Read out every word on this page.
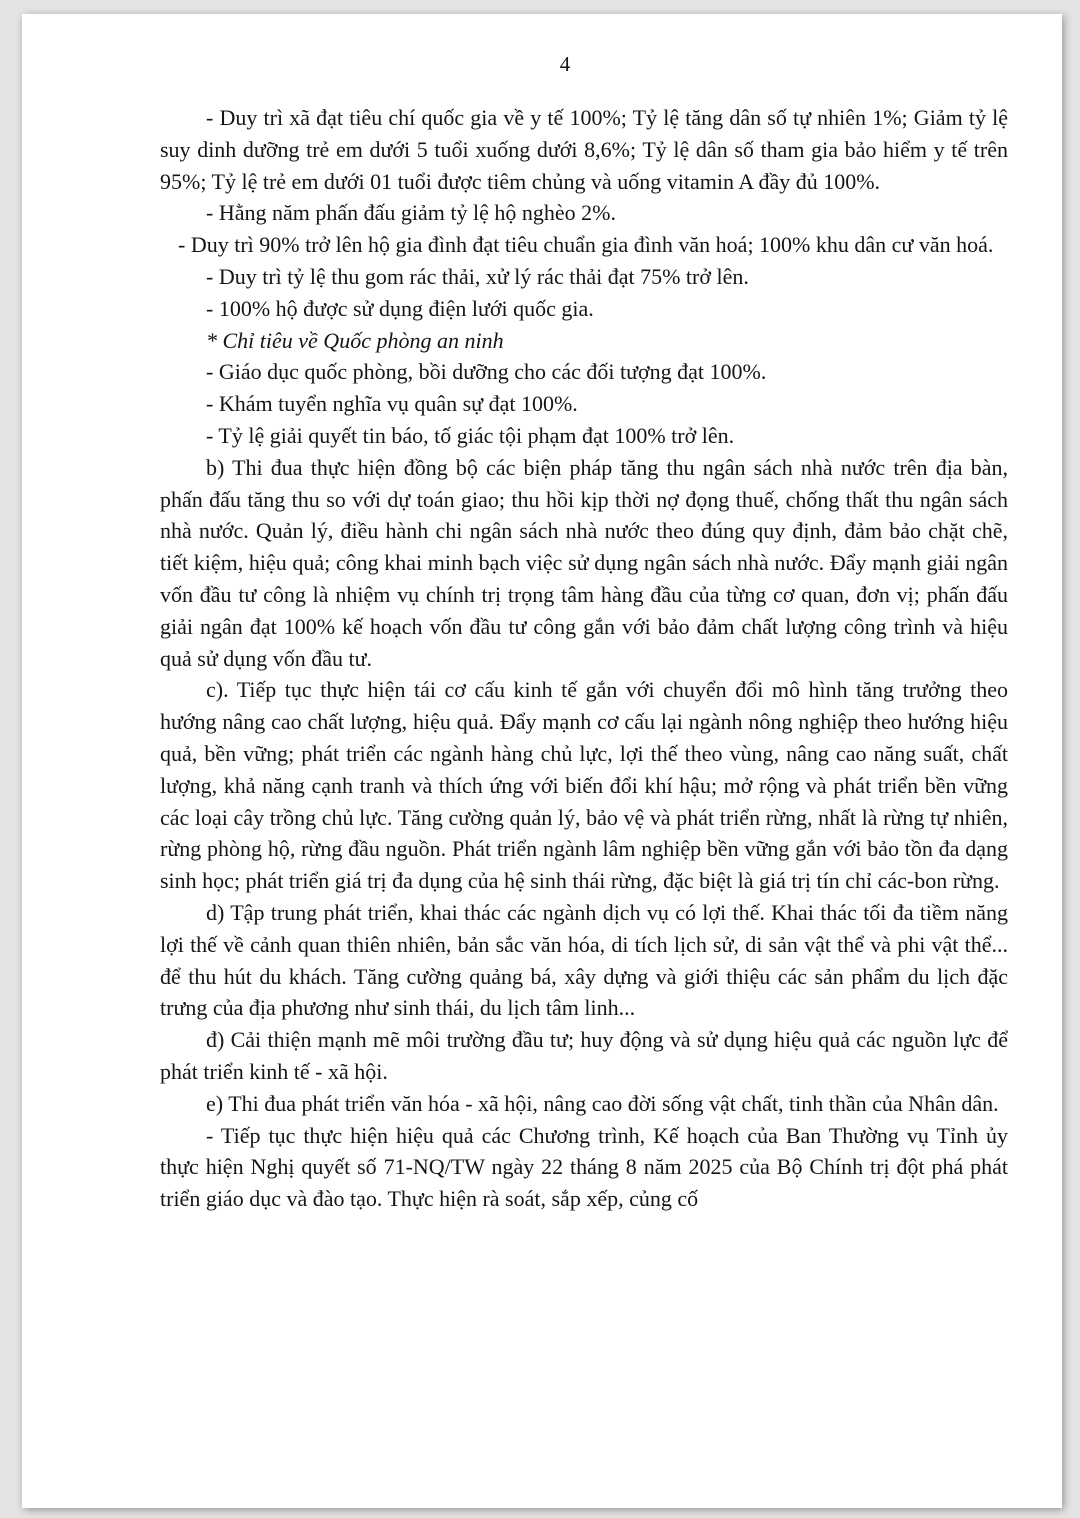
4

- Duy trì xã đạt tiêu chí quốc gia về y tế 100%; Tỷ lệ tăng dân số tự nhiên 1%; Giảm tỷ lệ suy dinh dưỡng trẻ em dưới 5 tuổi xuống dưới 8,6%; Tỷ lệ dân số tham gia bảo hiểm y tế trên 95%; Tỷ lệ trẻ em dưới 01 tuổi được tiêm chủng và uống vitamin A đầy đủ 100%.

- Hằng năm phấn đấu giảm tỷ lệ hộ nghèo 2%.

- Duy trì 90% trở lên hộ gia đình đạt tiêu chuẩn gia đình văn hoá; 100% khu dân cư văn hoá.

- Duy trì tỷ lệ thu gom rác thải, xử lý rác thải đạt 75% trở lên.

- 100% hộ được sử dụng điện lưới quốc gia.

* Chỉ tiêu về Quốc phòng an ninh

- Giáo dục quốc phòng, bồi dưỡng cho các đối tượng đạt 100%.

- Khám tuyển nghĩa vụ quân sự đạt 100%.

- Tỷ lệ giải quyết tin báo, tố giác tội phạm đạt 100% trở lên.

b) Thi đua thực hiện đồng bộ các biện pháp tăng thu ngân sách nhà nước trên địa bàn, phấn đấu tăng thu so với dự toán giao; thu hồi kịp thời nợ đọng thuế, chống thất thu ngân sách nhà nước. Quản lý, điều hành chi ngân sách nhà nước theo đúng quy định, đảm bảo chặt chẽ, tiết kiệm, hiệu quả; công khai minh bạch việc sử dụng ngân sách nhà nước. Đẩy mạnh giải ngân vốn đầu tư công là nhiệm vụ chính trị trọng tâm hàng đầu của từng cơ quan, đơn vị; phấn đấu giải ngân đạt 100% kế hoạch vốn đầu tư công gắn với bảo đảm chất lượng công trình và hiệu quả sử dụng vốn đầu tư.

c). Tiếp tục thực hiện tái cơ cấu kinh tế gắn với chuyển đổi mô hình tăng trưởng theo hướng nâng cao chất lượng, hiệu quả. Đẩy mạnh cơ cấu lại ngành nông nghiệp theo hướng hiệu quả, bền vững; phát triển các ngành hàng chủ lực, lợi thế theo vùng, nâng cao năng suất, chất lượng, khả năng cạnh tranh và thích ứng với biến đổi khí hậu; mở rộng và phát triển bền vững các loại cây trồng chủ lực. Tăng cường quản lý, bảo vệ và phát triển rừng, nhất là rừng tự nhiên, rừng phòng hộ, rừng đầu nguồn. Phát triển ngành lâm nghiệp bền vững gắn với bảo tồn đa dạng sinh học; phát triển giá trị đa dụng của hệ sinh thái rừng, đặc biệt là giá trị tín chỉ các-bon rừng.

d) Tập trung phát triển, khai thác các ngành dịch vụ có lợi thế. Khai thác tối đa tiềm năng lợi thế về cảnh quan thiên nhiên, bản sắc văn hóa, di tích lịch sử, di sản vật thể và phi vật thể... để thu hút du khách. Tăng cường quảng bá, xây dựng và giới thiệu các sản phẩm du lịch đặc trưng của địa phương như sinh thái, du lịch tâm linh...

đ) Cải thiện mạnh mẽ môi trường đầu tư; huy động và sử dụng hiệu quả các nguồn lực để phát triển kinh tế - xã hội.

e) Thi đua phát triển văn hóa - xã hội, nâng cao đời sống vật chất, tinh thần của Nhân dân.

- Tiếp tục thực hiện hiệu quả các Chương trình, Kế hoạch của Ban Thường vụ Tỉnh ủy thực hiện Nghị quyết số 71-NQ/TW ngày 22 tháng 8 năm 2025 của Bộ Chính trị đột phá phát triển giáo dục và đào tạo. Thực hiện rà soát, sắp xếp, củng cố
